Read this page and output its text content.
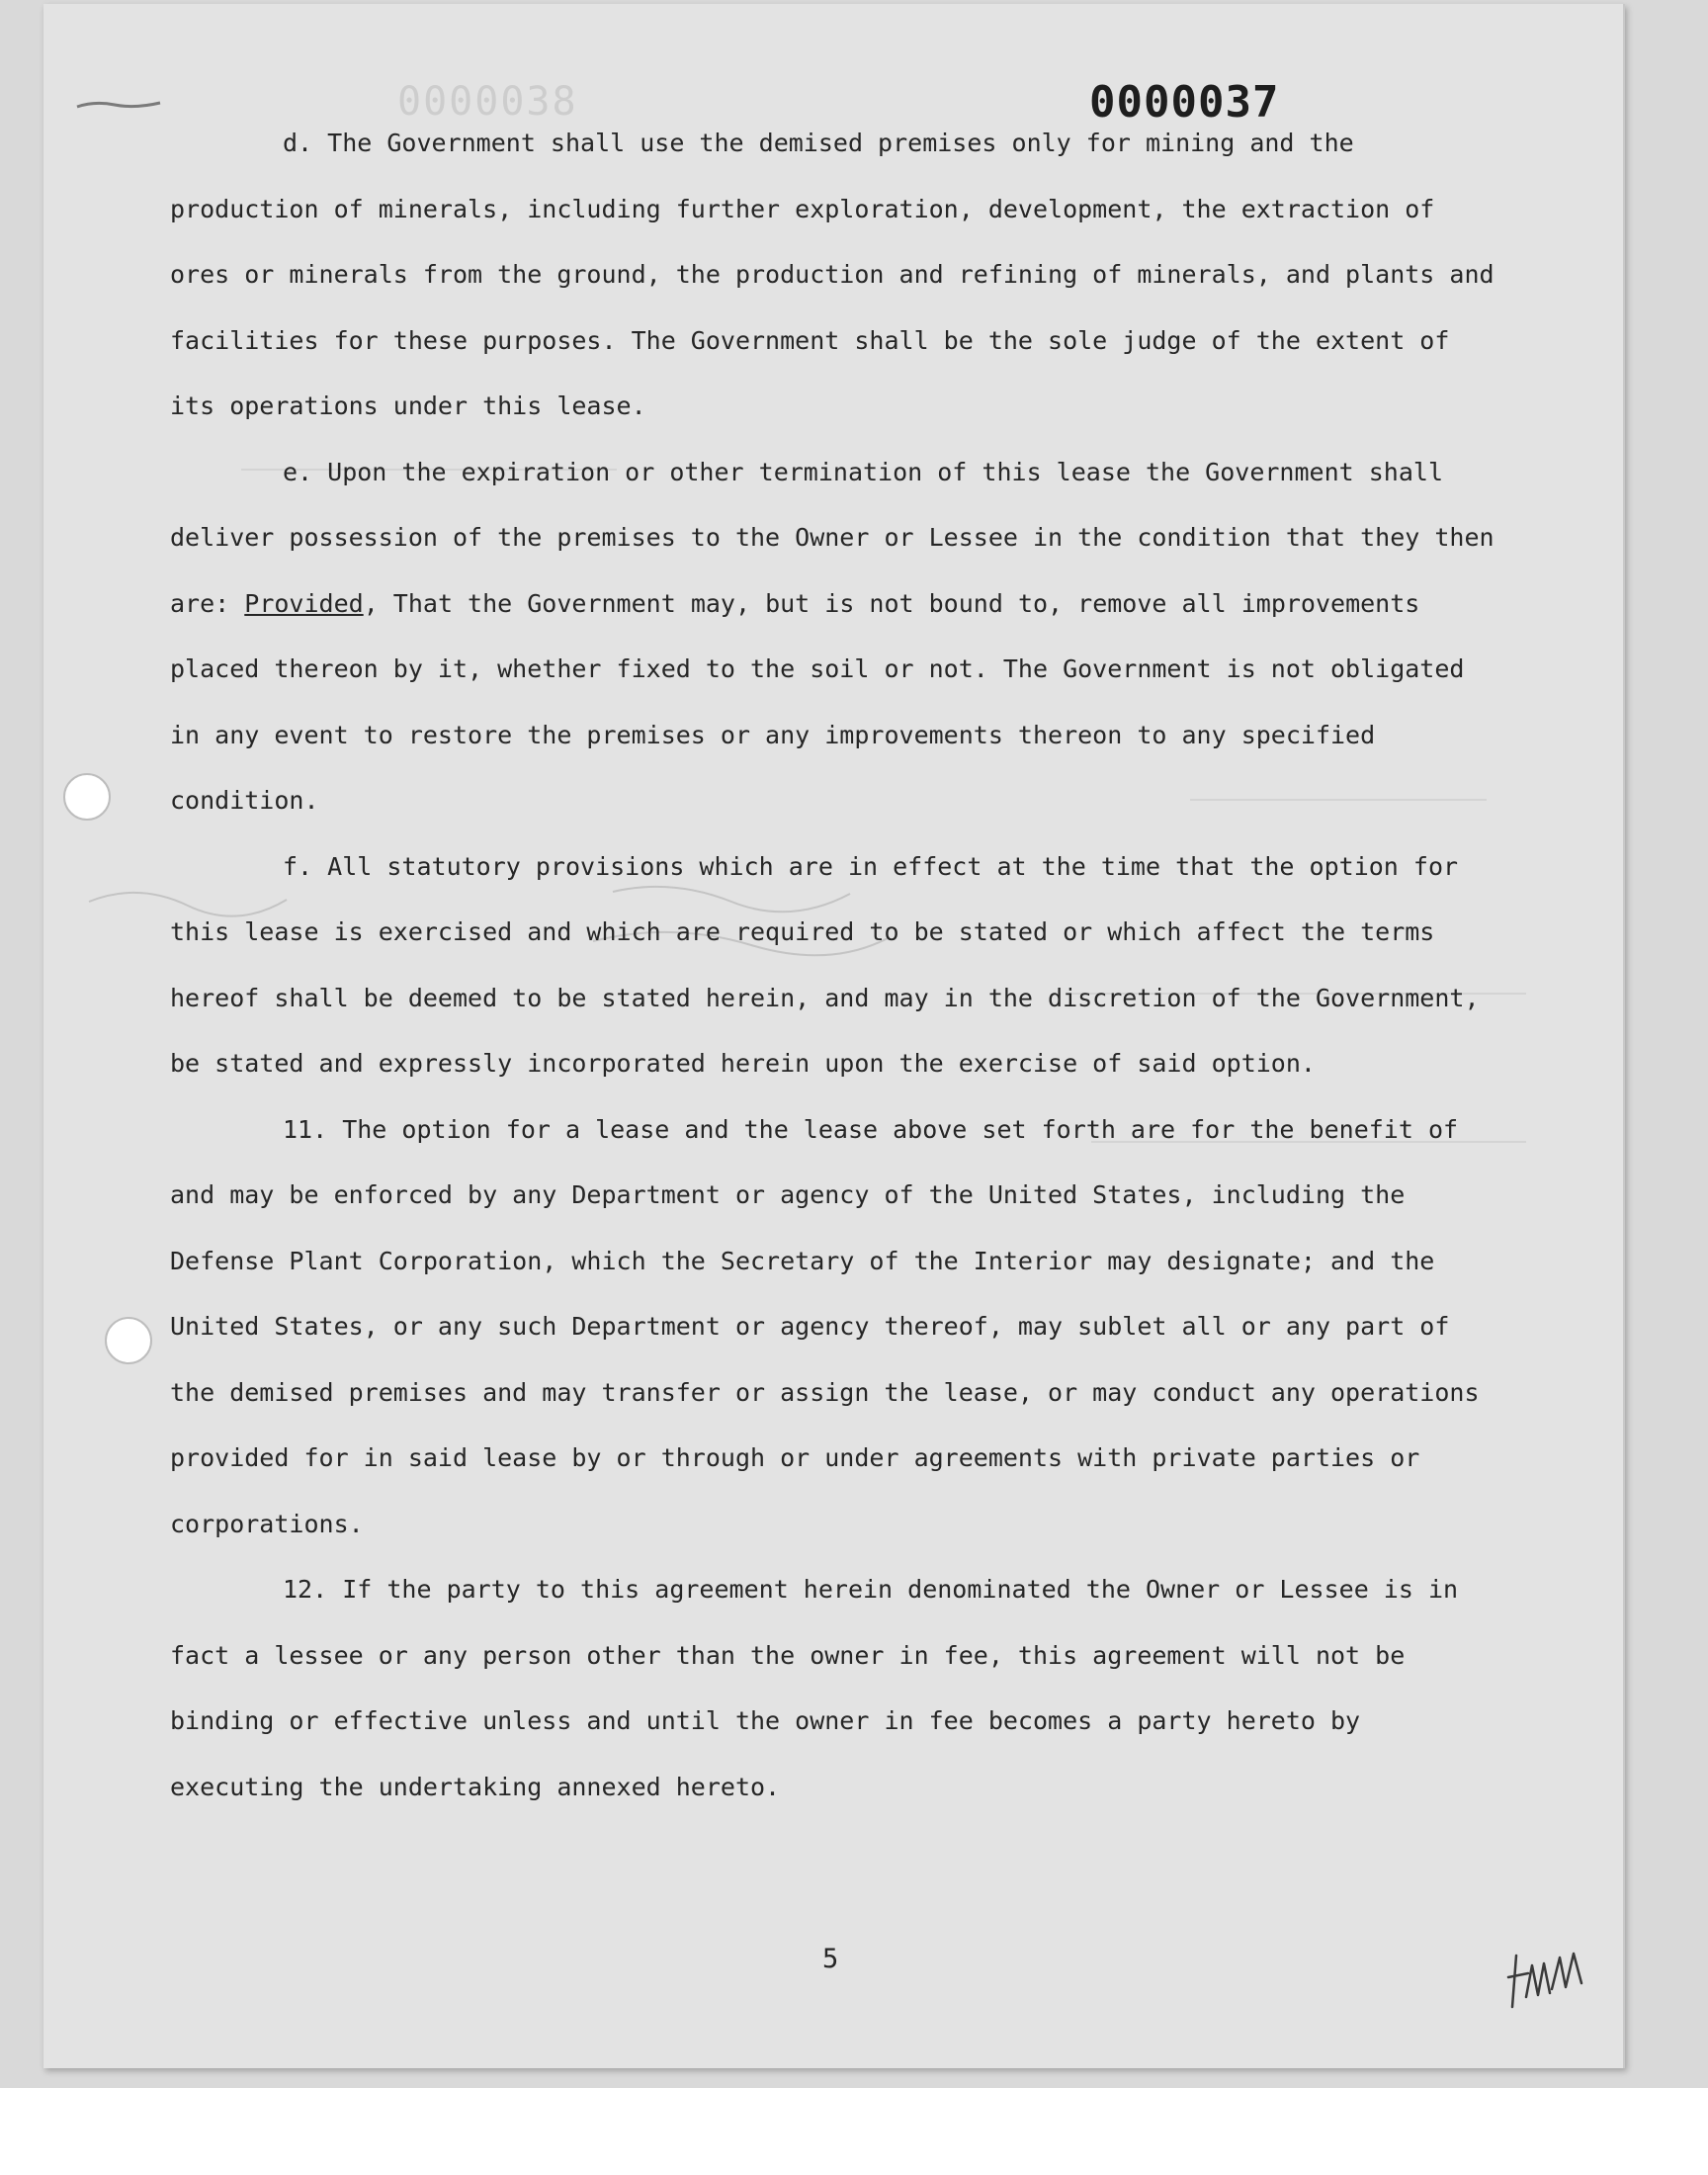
0000038	0000037

d. The Government shall use the demised premises only for mining and the production of minerals, including further exploration, development, the extraction of ores or minerals from the ground, the production and refining of minerals, and plants and facilities for these purposes. The Government shall be the sole judge of the extent of its operations under this lease.

e. Upon the expiration or other termination of this lease the Government shall deliver possession of the premises to the Owner or Lessee in the condition that they then are: Provided, That the Government may, but is not bound to, remove all improvements placed thereon by it, whether fixed to the soil or not. The Government is not obligated in any event to restore the premises or any improvements thereon to any specified condition.

f. All statutory provisions which are in effect at the time that the option for this lease is exercised and which are required to be stated or which affect the terms hereof shall be deemed to be stated herein, and may in the discretion of the Government, be stated and expressly incorporated herein upon the exercise of said option.

11. The option for a lease and the lease above set forth are for the benefit of and may be enforced by any Department or agency of the United States, including the Defense Plant Corporation, which the Secretary of the Interior may designate; and the United States, or any such Department or agency thereof, may sublet all or any part of the demised premises and may transfer or assign the lease, or may conduct any operations provided for in said lease by or through or under agreements with private parties or corporations.

12. If the party to this agreement herein denominated the Owner or Lessee is in fact a lessee or any person other than the owner in fee, this agreement will not be binding or effective unless and until the owner in fee becomes a party hereto by executing the undertaking annexed hereto.

5
